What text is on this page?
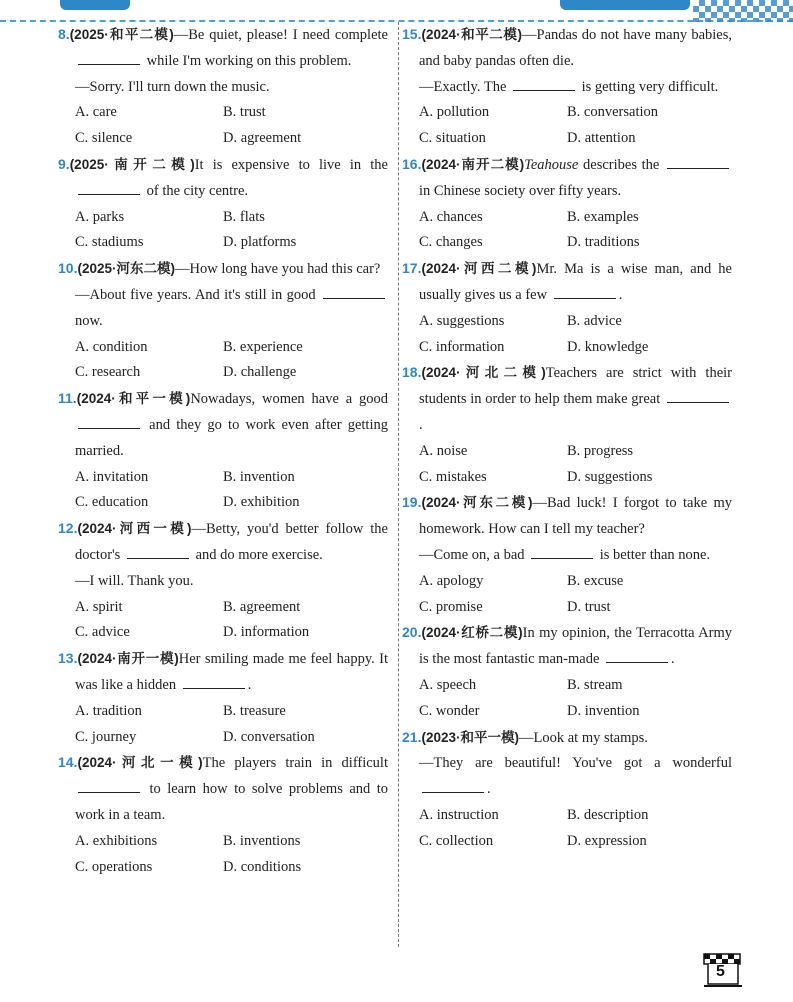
8.(2025·和平二模)—Be quiet, please! I need complete  while I'm working on this problem.
—Sorry. I'll turn down the music.
A. care	B. trust
C. silence	D. agreement
9.(2025·南开二模)It is expensive to live in the  of the city centre.
A. parks	B. flats
C. stadiums	D. platforms
10.(2025·河东二模)—How long have you had this car?
—About five years. And it's still in good  now.
A. condition	B. experience
C. research	D. challenge
11.(2024·和平一模)Nowadays, women have a good  and they go to work even after getting married.
A. invitation	B. invention
C. education	D. exhibition
12.(2024·河西一模)—Betty, you'd better follow the doctor's	and do more exercise.
—I will. Thank you.
A. spirit	B. agreement
C. advice	D. information
13.(2024·南开一模)Her smiling made me feel happy. It was like a hidden	.
A. tradition	B. treasure
C. journey	D. conversation
14.(2024·河北一模)The players train in difficult  to learn how to solve problems and to work in a team.
A. exhibitions	B. inventions
C. operations	D. conditions
15.(2024·和平二模)—Pandas do not have many babies, and baby pandas often die.
—Exactly. The	is getting very difficult.
A. pollution	B. conversation
C. situation	D. attention
16.(2024·南开二模)Teahouse describes the  in Chinese society over fifty years.
A. chances	B. examples
C. changes	D. traditions
17.(2024·河西二模)Mr. Ma is a wise man, and he usually gives us a few	.
A. suggestions	B. advice
C. information	D. knowledge
18.(2024·河北二模)Teachers are strict with their students in order to help them make great .
A. noise	B. progress
C. mistakes	D. suggestions
19.(2024·河东二模)—Bad luck! I forgot to take my homework. How can I tell my teacher?
—Come on, a bad	is better than none.
A. apology	B. excuse
C. promise	D. trust
20.(2024·红桥二模)In my opinion, the Terracotta Army is the most fantastic man-made	.
A. speech	B. stream
C. wonder	D. invention
21.(2023·和平一模)—Look at my stamps.
—They are beautiful! You've got a wonderful .
A. instruction	B. description
C. collection	D. expression
5
